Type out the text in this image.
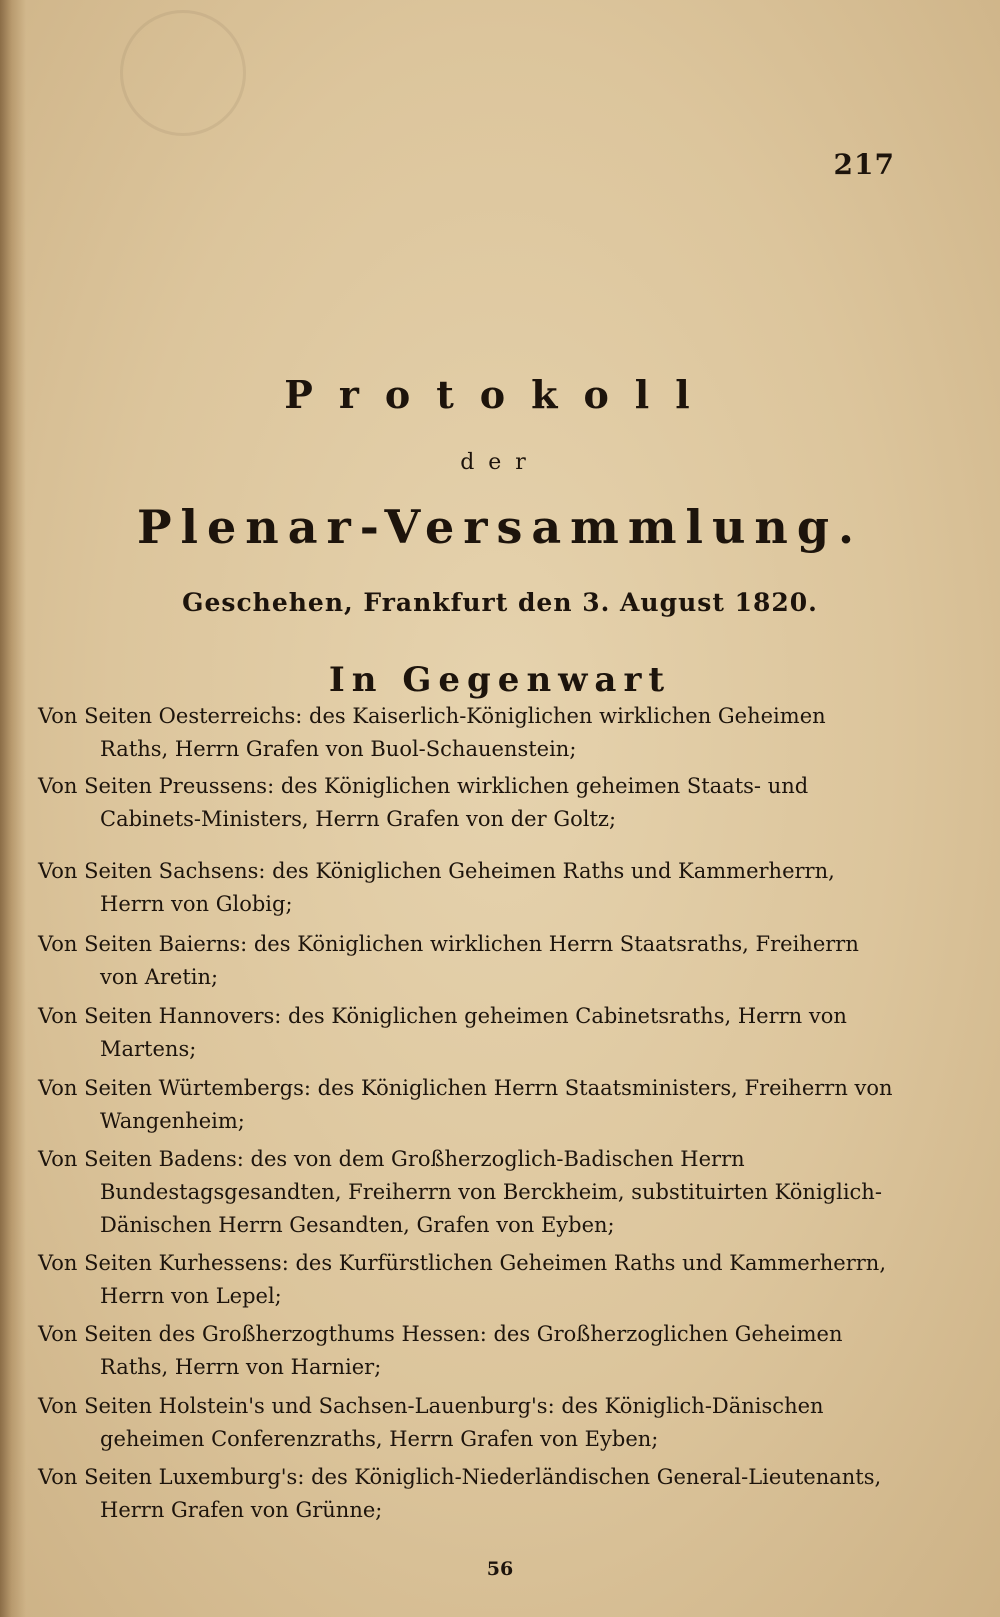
217
Protokoll
der
Plenar-Versammlung.
Geschehen, Frankfurt den 3. August 1820.
In Gegenwart
Von Seiten Oesterreichs: des Kaiserlich-Königlichen wirklichen Geheimen Raths, Herrn Grafen von Buol-Schauenstein;
Von Seiten Preussens: des Königlichen wirklichen geheimen Staats- und Cabinets-Ministers, Herrn Grafen von der Goltz;
Von Seiten Sachsens: des Königlichen Geheimen Raths und Kammerherrn, Herrn von Globig;
Von Seiten Baierns: des Königlichen wirklichen Herrn Staatsraths, Freiherrn von Aretin;
Von Seiten Hannovers: des Königlichen geheimen Cabinetsraths, Herrn von Martens;
Von Seiten Würtembergs: des Königlichen Herrn Staatsministers, Freiherrn von Wangenheim;
Von Seiten Badens: des von dem Großherzoglich-Badischen Herrn Bundestagsgesandten, Freiherrn von Berckheim, substituirten Königlich-Dänischen Herrn Gesandten, Grafen von Eyben;
Von Seiten Kurhessens: des Kurfürstlichen Geheimen Raths und Kammerherrn, Herrn von Lepel;
Von Seiten des Großherzogthums Hessen: des Großherzoglichen Geheimen Raths, Herrn von Harnier;
Von Seiten Holstein's und Sachsen-Lauenburg's: des Königlich-Dänischen geheimen Conferenzraths, Herrn Grafen von Eyben;
Von Seiten Luxemburg's: des Königlich-Niederländischen General-Lieutenants, Herrn Grafen von Grünne;
56
